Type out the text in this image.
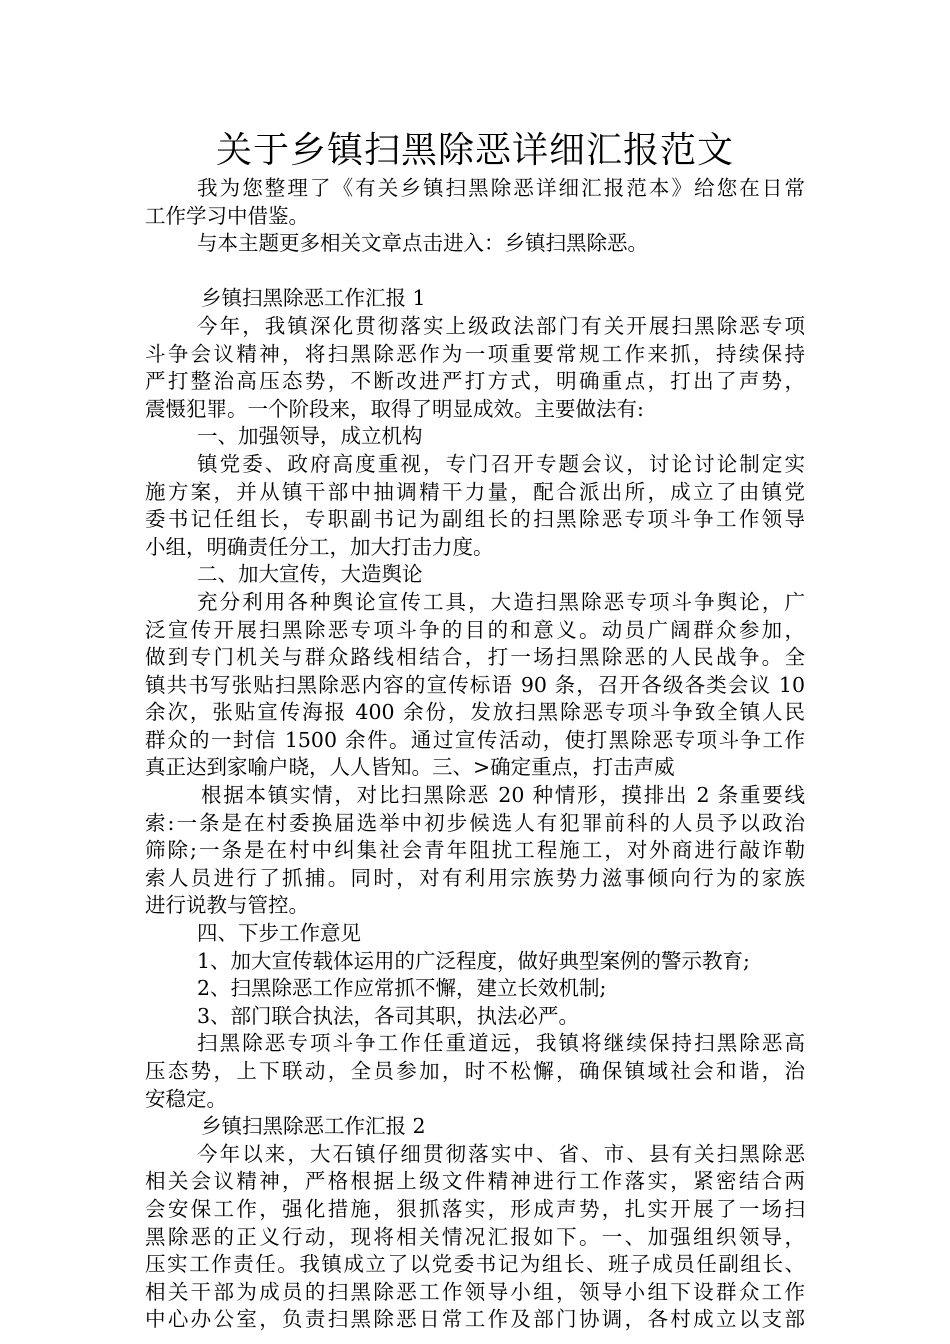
关于乡镇扫黑除恶详细汇报范文
我为您整理了《有关乡镇扫黑除恶详细汇报范本》给您在日常
工作学习中借鉴。
与本主题更多相关文章点击进入：乡镇扫黑除恶。
乡镇扫黑除恶工作汇报 1
今年，我镇深化贯彻落实上级政法部门有关开展扫黑除恶专项
斗争会议精神，将扫黑除恶作为一项重要常规工作来抓，持续保持
严打整治高压态势，不断改进严打方式，明确重点，打出了声势，
震慑犯罪。一个阶段来，取得了明显成效。主要做法有:
一、加强领导，成立机构
镇党委、政府高度重视，专门召开专题会议，讨论讨论制定实
施方案，并从镇干部中抽调精干力量，配合派出所，成立了由镇党
委书记任组长，专职副书记为副组长的扫黑除恶专项斗争工作领导
小组，明确责任分工，加大打击力度。
二、加大宣传，大造舆论
充分利用各种舆论宣传工具，大造扫黑除恶专项斗争舆论，广
泛宣传开展扫黑除恶专项斗争的目的和意义。动员广阔群众参加，
做到专门机关与群众路线相结合，打一场扫黑除恶的人民战争。全
镇共书写张贴扫黑除恶内容的宣传标语 90 条，召开各级各类会议 10
余次，张贴宣传海报 400 余份，发放扫黑除恶专项斗争致全镇人民
群众的一封信 1500 余件。通过宣传活动，使打黑除恶专项斗争工作
真正达到家喻户晓，人人皆知。三、>确定重点，打击声威
根据本镇实情，对比扫黑除恶 20 种情形，摸排出 2 条重要线
索:一条是在村委换届选举中初步候选人有犯罪前科的人员予以政治
筛除;一条是在村中纠集社会青年阻扰工程施工，对外商进行敲诈勒
索人员进行了抓捕。同时，对有利用宗族势力滋事倾向行为的家族
进行说教与管控。
四、下步工作意见
1、加大宣传载体运用的广泛程度，做好典型案例的警示教育;
2、扫黑除恶工作应常抓不懈，建立长效机制;
3、部门联合执法，各司其职，执法必严。
扫黑除恶专项斗争工作任重道远，我镇将继续保持扫黑除恶高
压态势，上下联动，全员参加，时不松懈，确保镇域社会和谐，治
安稳定。
乡镇扫黑除恶工作汇报 2
今年以来，大石镇仔细贯彻落实中、省、市、县有关扫黑除恶
相关会议精神，严格根据上级文件精神进行工作落实，紧密结合两
会安保工作，强化措施，狠抓落实，形成声势，扎实开展了一场扫
黑除恶的正义行动，现将相关情况汇报如下。一、加强组织领导，
压实工作责任。我镇成立了以党委书记为组长、班子成员任副组长、
相关干部为成员的扫黑除恶工作领导小组，领导小组下设群众工作
中心办公室，负责扫黑除恶日常工作及部门协调，各村成立以支部
